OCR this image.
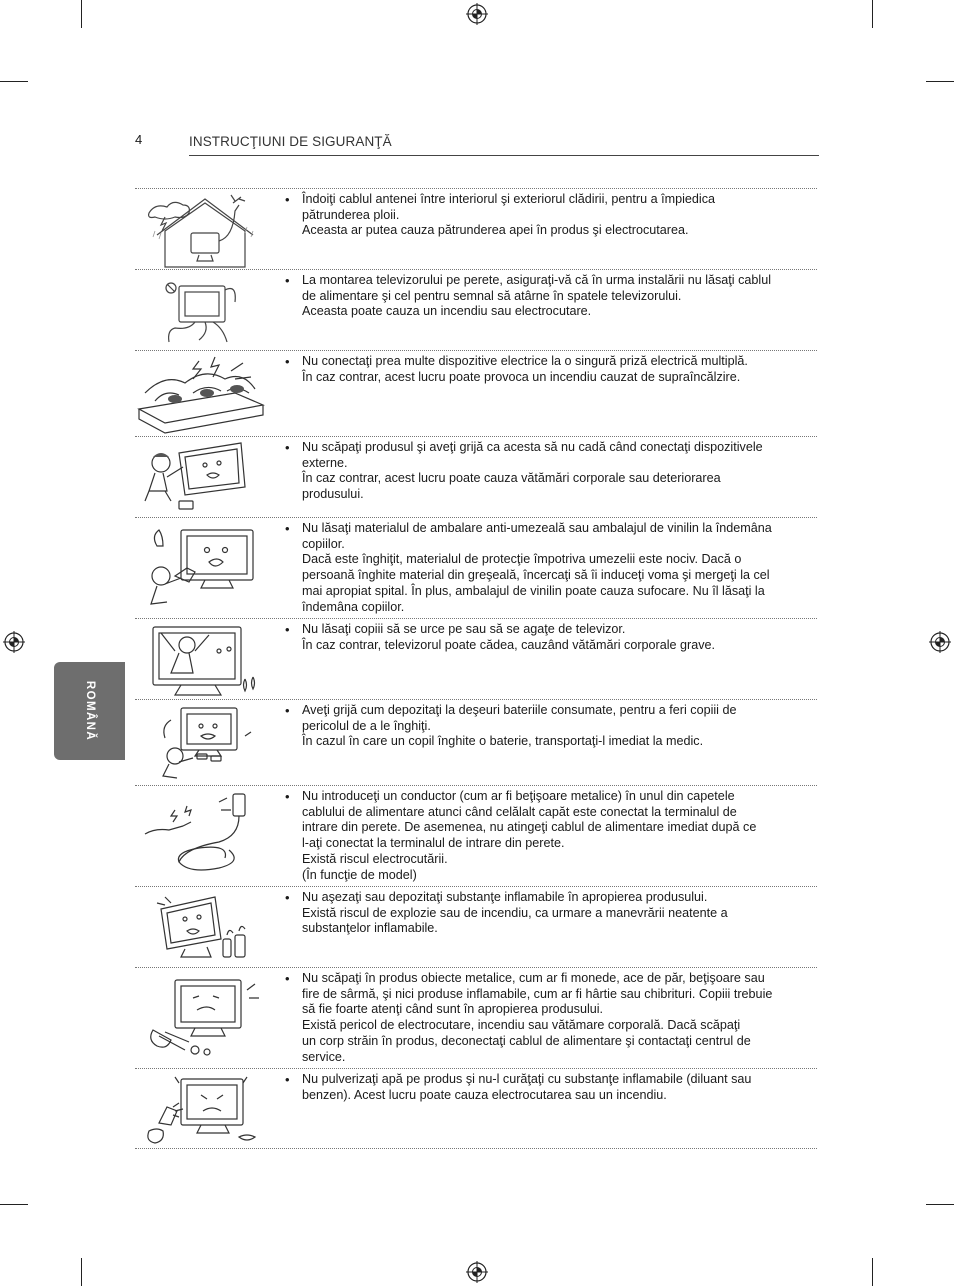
4	INSTRUCŢIUNI DE SIGURANŢĂ
ROMÂNĂ
• Îndoiţi cablul antenei între interiorul şi exteriorul clădirii, pentru a împiedica
pătrunderea ploii.
Aceasta ar putea cauza pătrunderea apei în produs şi electrocutarea.
• La montarea televizorului pe perete, asiguraţi-vă că în urma instalării nu lăsaţi cablul
de alimentare şi cel pentru semnal să atârne în spatele televizorului.
Aceasta poate cauza un incendiu sau electrocutare.
• Nu conectaţi prea multe dispozitive electrice la o singură priză electrică multiplă.
În caz contrar, acest lucru poate provoca un incendiu cauzat de supraîncălzire.
• Nu scăpaţi produsul şi aveţi grijă ca acesta să nu cadă când conectaţi dispozitivele
externe.
În caz contrar, acest lucru poate cauza vătămări corporale sau deteriorarea
produsului.
• Nu lăsaţi materialul de ambalare anti-umezeală sau ambalajul de vinilin la îndemâna
copiilor.
Dacă este înghiţit, materialul de protecţie împotriva umezelii este nociv. Dacă o
persoană înghite material din greşeală, încercaţi să îi induceţi voma şi mergeţi la cel
mai apropiat spital. În plus, ambalajul de vinilin poate cauza sufocare. Nu îl lăsaţi la
îndemâna copiilor.
• Nu lăsaţi copiii să se urce pe sau să se agaţe de televizor.
În caz contrar, televizorul poate cădea, cauzând vătămări corporale grave.
• Aveţi grijă cum depozitaţi la deşeuri bateriile consumate, pentru a feri copiii de
pericolul de a le înghiţi.
În cazul în care un copil înghite o baterie, transportaţi-l imediat la medic.
• Nu introduceţi un conductor (cum ar fi beţişoare metalice) în unul din capetele
cablului de alimentare atunci când celălalt capăt este conectat la terminalul de
intrare din perete. De asemenea, nu atingeţi cablul de alimentare imediat după ce
l-aţi conectat la terminalul de intrare din perete.
Există riscul electrocutării.
(În funcţie de model)
• Nu aşezaţi sau depozitaţi substanţe inflamabile în apropierea produsului.
Există riscul de explozie sau de incendiu, ca urmare a manevrării neatente a
substanţelor inflamabile.
• Nu scăpaţi în produs obiecte metalice, cum ar fi monede, ace de păr, beţişoare sau
fire de sârmă, şi nici produse inflamabile, cum ar fi hârtie sau chibrituri. Copiii trebuie
să fie foarte atenţi când sunt în apropierea produsului.
Există pericol de electrocutare, incendiu sau vătămare corporală. Dacă scăpaţi
un corp străin în produs, deconectaţi cablul de alimentare şi contactaţi centrul de
service.
• Nu pulverizaţi apă pe produs şi nu-l curăţaţi cu substanţe inflamabile (diluant sau
benzen). Acest lucru poate cauza electrocutarea sau un incendiu.
